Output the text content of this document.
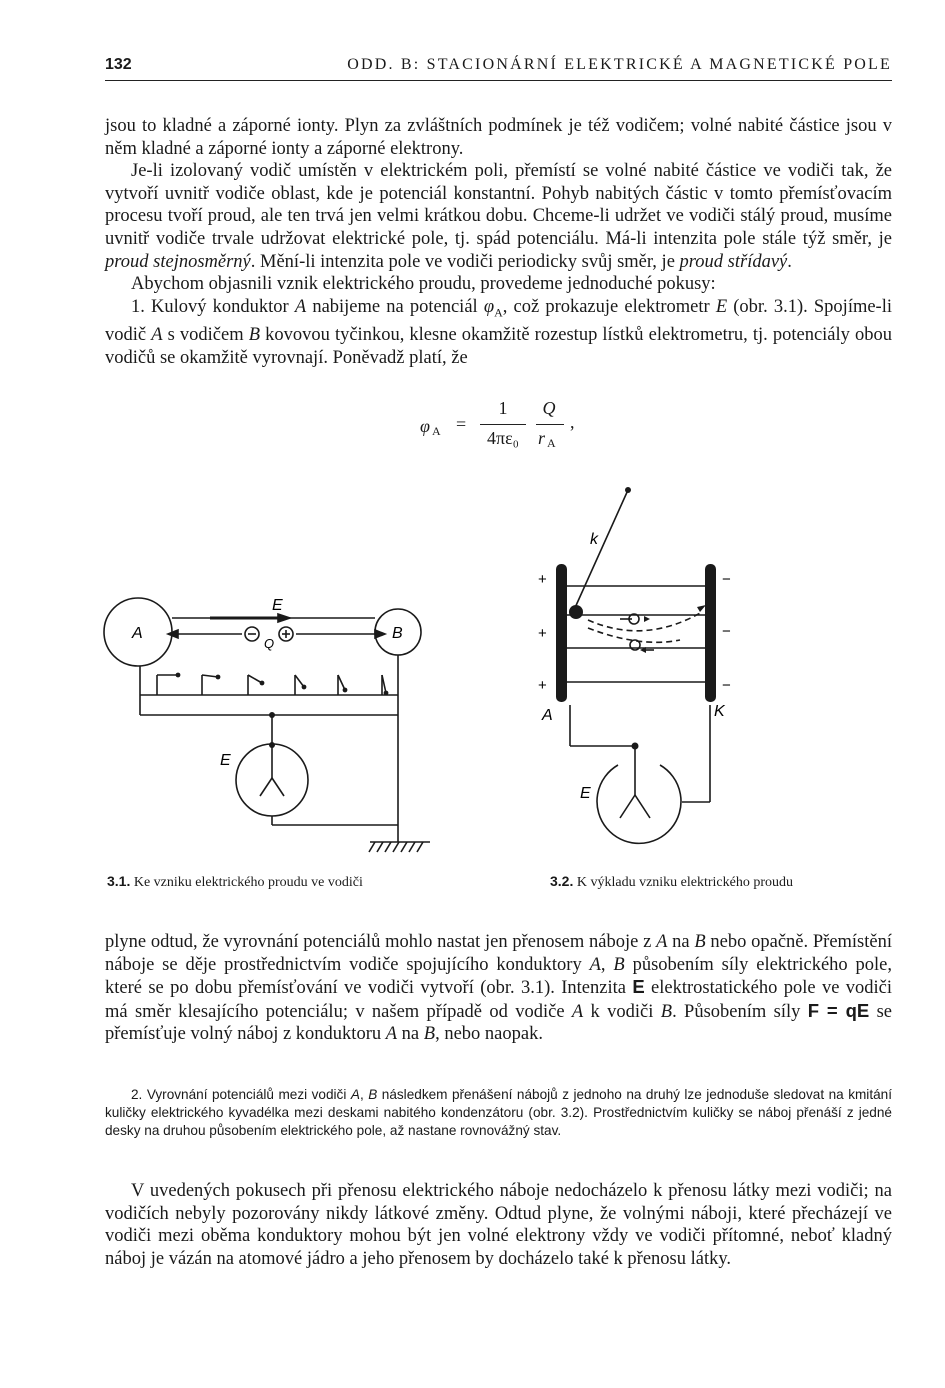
132	ODD. B: STACIONÁRNÍ ELEKTRICKÉ A MAGNETICKÉ POLE

jsou to kladné a záporné ionty. Plyn za zvláštních podmínek je též vodičem; volné nabité částice jsou v něm kladné a záporné ionty a záporné elektrony.

Je-li izolovaný vodič umístěn v elektrickém poli, přemístí se volné nabité částice ve vodiči tak, že vytvoří uvnitř vodiče oblast, kde je potenciál konstantní. Pohyb nabitých částic v tomto přemísťovacím procesu tvoří proud, ale ten trvá jen velmi krátkou dobu. Chceme-li udržet ve vodiči stálý proud, musíme uvnitř vodiče trvale udržovat elektrické pole, tj. spád potenciálu. Má-li intenzita pole stále týž směr, je proud stejnosměrný. Mění-li intenzita pole ve vodiči periodicky svůj směr, je proud střídavý.

Abychom objasnili vznik elektrického proudu, provedeme jednoduché pokusy:

1. Kulový konduktor A nabijeme na potenciál $\varphi_A$, což prokazuje elektrometr E (obr. 3.1). Spojíme-li vodič A s vodičem B kovovou tyčinkou, klesne okamžitě rozestup lístků elektrometru, tj. potenciály obou vodičů se okamžitě vyrovnají. Poněvadž platí, že

φ A =
1
4πε₀
Q
r A
,
A	B
E
Q
E
k
+
+
+
−
−
−
A	K
E
3.1. Ke vzniku elektrického proudu ve vodiči	3.2. K výkladu vzniku elektrického proudu

plyne odtud, že vyrovnání potenciálů mohlo nastat jen přenosem náboje z A na B nebo opačně. Přemístění náboje se děje prostřednictvím vodiče spojujícího konduktory A, B působením síly elektrického pole, které se po dobu přemísťování ve vodiči vytvoří (obr. 3.1). Intenzita E elektrostatického pole ve vodiči má směr klesajícího potenciálu; v našem případě od vodiče A k vodiči B. Působením síly F = qE se přemísťuje volný náboj z konduktoru A na B, nebo naopak.

2. Vyrovnání potenciálů mezi vodiči A, B následkem přenášení nábojů z jednoho na druhý lze jednoduše sledovat na kmitání kuličky elektrického kyvadélka mezi deskami nabitého kondenzátoru (obr. 3.2). Prostřednictvím kuličky se náboj přenáší z jedné desky na druhou působením elektrického pole, až nastane rovnovážný stav.

V uvedených pokusech při přenosu elektrického náboje nedocházelo k přenosu látky mezi vodiči; na vodičích nebyly pozorovány nikdy látkové změny. Odtud plyne, že volnými náboji, které přecházejí ve vodiči mezi oběma konduktory mohou být jen volné elektrony vždy ve vodiči přítomné, neboť kladný náboj je vázán na atomové jádro a jeho přenosem by docházelo také k přenosu látky.
